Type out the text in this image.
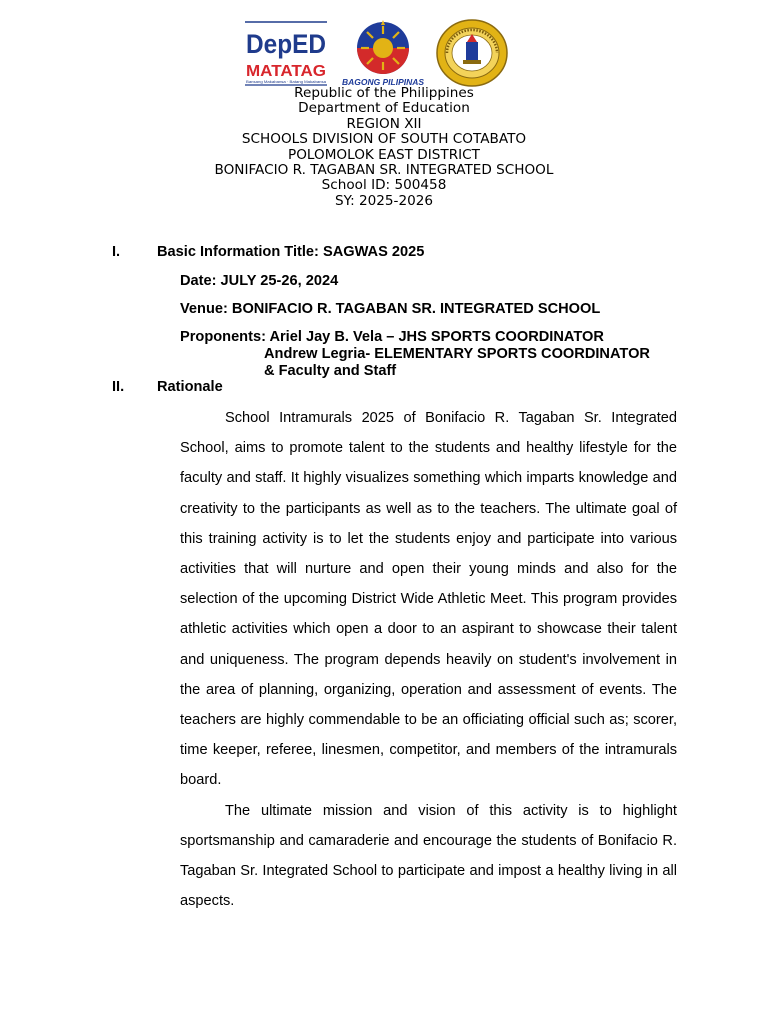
DepED
MATATAG
Bansang Makabansa · Batang Makabansa BAGONG PILIPINAS
Republic of the Philippines
Department of Education
REGION XII
SCHOOLS DIVISION OF SOUTH COTABATO
POLOMOLOK EAST DISTRICT
BONIFACIO R. TAGABAN SR. INTEGRATED SCHOOL
School ID: 500458
SY: 2025-2026
I.	Basic Information Title: SAGWAS 2025
Date: JULY 25-26, 2024
Venue: BONIFACIO R. TAGABAN SR. INTEGRATED SCHOOL
Proponents: Ariel Jay B. Vela – JHS SPORTS COORDINATOR
Andrew Legria- ELEMENTARY SPORTS COORDINATOR
& Faculty and Staff
II. Rationale

School Intramurals 2025 of Bonifacio R. Tagaban Sr. Integrated School, aims to promote talent to the students and healthy lifestyle for the faculty and staff. It highly visualizes something which imparts knowledge and creativity to the participants as well as to the teachers. The ultimate goal of this training activity is to let the students enjoy and participate into various activities that will nurture and open their young minds and also for the selection of the upcoming District Wide Athletic Meet. This program provides athletic activities which open a door to an aspirant to showcase their talent and uniqueness. The program depends heavily on student's involvement in the area of planning, organizing, operation and assessment of events. The teachers are highly commendable to be an officiating official such as; scorer, time keeper, referee, linesmen, competitor, and members of the intramurals board.

The ultimate mission and vision of this activity is to highlight sportsmanship and camaraderie and encourage the students of Bonifacio R. Tagaban Sr. Integrated School to participate and impost a healthy living in all aspects.
